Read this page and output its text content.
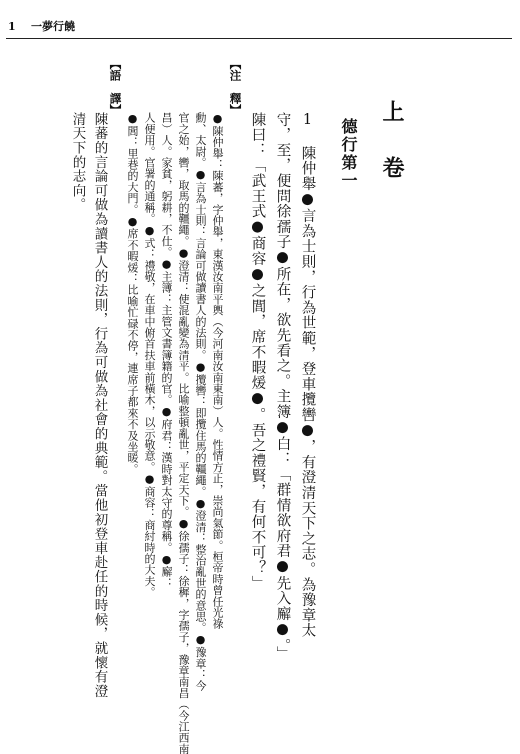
1 一夢行饒
上卷
德行第一
1 陳仲舉●言為士則，行為世範，登車攬轡●，有澄清天下之志。為豫章太
守，至，便問徐孺子●所在，欲先看之。主簿●白：「群情欲府君●先入廨●。」
陳曰：「武王式●商容●之閭，席不暇煖●。吾之禮賢，有何不可？」
【注　釋】
●陳仲舉：陳蕃，字仲舉，東漢汝南平輿（今河南汝南東南）人。性情方正，崇尚氣節。桓帝時曾任光祿
勳、太尉。●言為士則：言論可做讀書人的法則。●攬轡：即攬住馬的韁繩。●澄清：整治亂世的意思。●豫章：今
官之始，轡，取馬的韁繩。●澄清：使混亂變為清平。比喻整頓亂世，平定天下。●徐孺子：徐穉，字孺子，豫章南昌（今江西南
昌）人。家貧，躬耕，不仕。●主簿：主管文書簿籍的官。●府君：漢時對太守的尊稱。●廨：
人便用。官署的通稱。●式：禮敬，在車中俯首扶車前橫木，以示敬意。●商容：商紂時的大夫。
●閭：里巷的大門。●席不暇煖：比喻忙碌不停，連席子都來不及坐暖。
【語　譯】
陳蕃的言論可做為讀書人的法則，行為可做為社會的典範。當他初登車赴任的時候，就懷有澄
清天下的志向。
